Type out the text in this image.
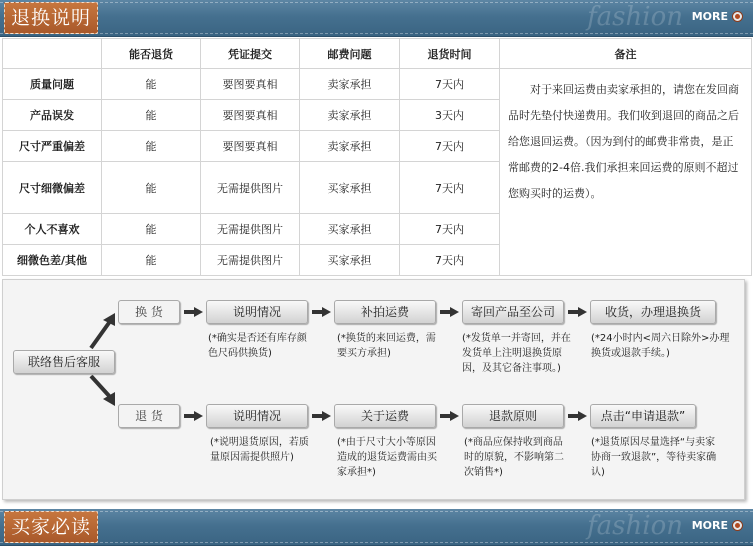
退换说明	fashion MORE
	能否退货	凭证提交	邮费问题	退货时间	备注
质量问题	能	要图要真相	卖家承担	7天内	对于来回运费由卖家承担的，请您在发回商品时先垫付快递费用。我们收到退回的商品之后给您退回运费。（因为到付的邮费非常贵，是正常邮费的2-4倍.我们承担来回运费的原则不超过您购买时的运费）。

产品误发	能	要图要真相	卖家承担	3天内	
尺寸严重偏差	能	要图要真相	卖家承担	7天内	
尺寸细微偏差	能	无需提供图片	买家承担	7天内	
个人不喜欢	能	无需提供图片	买家承担	7天内	
细微色差/其他	能	无需提供图片	买家承担	7天内	
联络售后客服
换 货	说明情况	补拍运费	寄回产品至公司	收货，办理退换货
(*确实是否还有库存颜色尺码供换货)
(*换货的来回运费，需要买方承担)
(*发货单一并寄回，并在发货单上注明退换货原因，及其它备注事项。)
(*24小时内<周六日除外>办理换货或退款手续。)
退 货	说明情况	关于运费	退款原则	点击“申请退款”
(*说明退货原因，若质量原因需提供照片)
(*由于尺寸大小等原因造成的退货运费需由买家承担*)
(*商品应保持收到商品时的原貌，不影响第二次销售*)
(*退货原因尽量选择“与卖家协商一致退款”，等待卖家确认)
买家必读	fashion MORE
